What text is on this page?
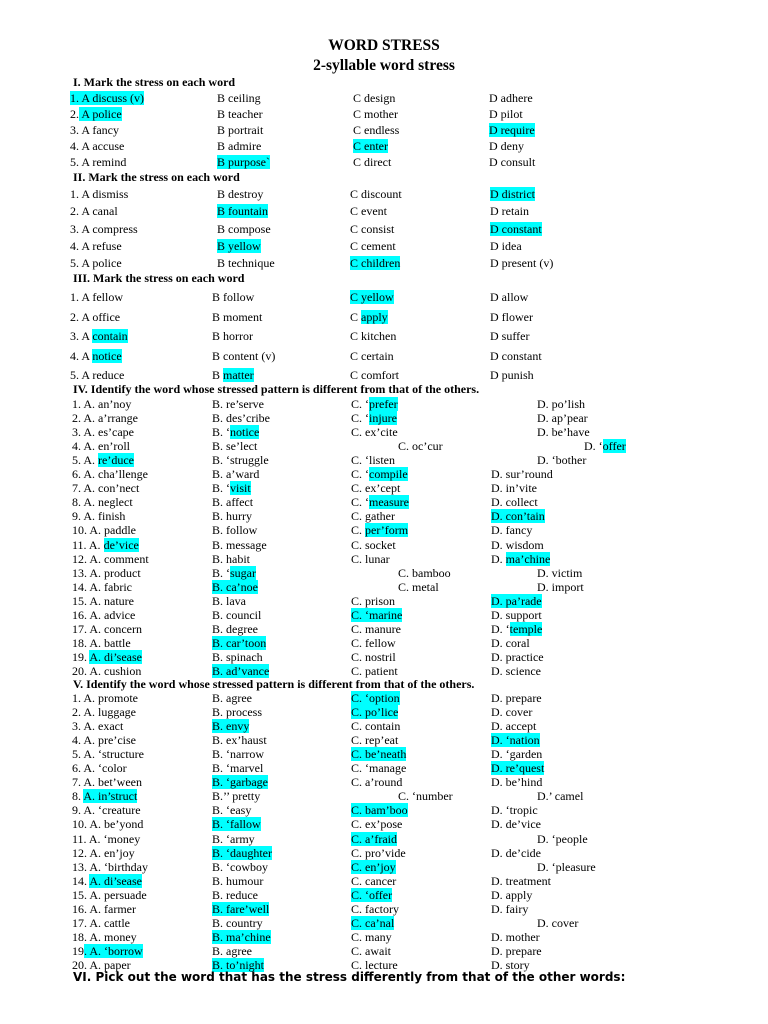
WORD STRESS
2-syllable word stress
I. Mark the stress on each word
1. A discuss (v)	B ceiling	C design	D adhere
2. A police	B teacher	C mother	D pilot
3. A fancy	B portrait	C endless	D require
4. A accuse	B admire	C enter	D deny
5. A remind	B purpose`	C direct	D consult
II. Mark the stress on each word
1. A dismiss	B destroy	C discount	D district
2. A canal	B fountain	C event	D retain
3. A compress	B compose	C consist	D constant
4. A refuse	B yellow	C cement	D idea
5. A police	B technique	C children	D present (v)
III. Mark the stress on each word
1. A fellow	B follow	C yellow	D allow
2. A office	B moment	C apply	D flower
3. A contain	B horror	C kitchen	D suffer
4. A notice	B content (v)	C certain	D constant
5. A reduce	B matter	C comfort	D punish
IV. Identify the word whose stressed pattern is different from that of the others.
1. A. an’noy	B. re’serve	C. ‘prefer	D. po’lish
2. A. a’rrange	B. des’cribe	C. ‘injure	D. ap’pear
3. A. es’cape	B. ‘notice	C. ex’cite	D. be’have
4. A. en’roll	B. se’lect	C. oc’cur	D. ‘offer
5. A. re’duce	B. ‘struggle	C. ‘listen	D. ‘bother
6. A. cha’llenge	B. a’ward	C. ‘compile	D. sur’round
7. A. con’nect	B. ‘visit	C. ex’cept	D. in’vite
8. A. neglect	B. affect	C. ‘measure	D. collect
9. A. finish	B. hurry	C. gather	D. con’tain
10. A. paddle	B. follow	C. per’form	D. fancy
11. A. de’vice	B. message	C. socket	D. wisdom
12. A. comment	B. habit	C. lunar	D. ma’chine
13. A. product	B. ‘sugar	C. bamboo	D. victim
14. A. fabric	B. ca’noe	C. metal	D. import
15. A. nature	B. lava	C. prison	D. pa’rade
16. A. advice	B. council	C. ‘marine	D. support
17. A. concern	B. degree	C. manure	D. ‘temple
18. A. battle	B. car’toon	C. fellow	D. coral
19. A. di’sease	B. spinach	C. nostril	D. practice
20. A. cushion	B. ad’vance	C. patient	D. science
V. Identify the word whose stressed pattern is different from that of the others.
1. A. promote	B. agree	C. ‘option	D. prepare
2. A. luggage	B. process	C. po’lice	D. cover
3. A. exact	B. envy	C. contain	D. accept
4. A. pre’cise	B. ex’haust	C. rep’eat	D. ‘nation
5. A. ‘structure	B. ‘narrow	C. be’neath	D. ‘garden
6. A. ‘color	B. ‘marvel	C. ‘manage	D. re’quest
7. A. bet’ween	B. ‘garbage	C. a’round	D. be’hind
8. A. in’struct	B.’’ pretty	C. ‘number	D.’ camel
9. A. ‘creature	B. ‘easy	C. bam’boo	D. ‘tropic
10. A. be’yond	B. ‘fallow	C. ex’pose	D. de’vice
11. A. ‘money	B. ‘army	C. a’fraid	D. ‘people
12. A. en’joy	B. ‘daughter	C. pro’vide	D. de’cide
13. A. ‘birthday	B. ‘cowboy	C. en’joy	D. ‘pleasure
14. A. di’sease	B. humour	C. cancer	D. treatment
15. A. persuade	B. reduce	C. ‘offer	D. apply
16. A. farmer	B. fare’well	C. factory	D. fairy
17. A. cattle	B. country	C. ca’nal	D. cover
18. A. money	B. ma’chine	C. many	D. mother
19. A. ‘borrow	B. agree	C. await	D. prepare
20. A. paper	B. to’night	C. lecture	D. story
VI. Pick out the word that has the stress differently from that of the other words:
